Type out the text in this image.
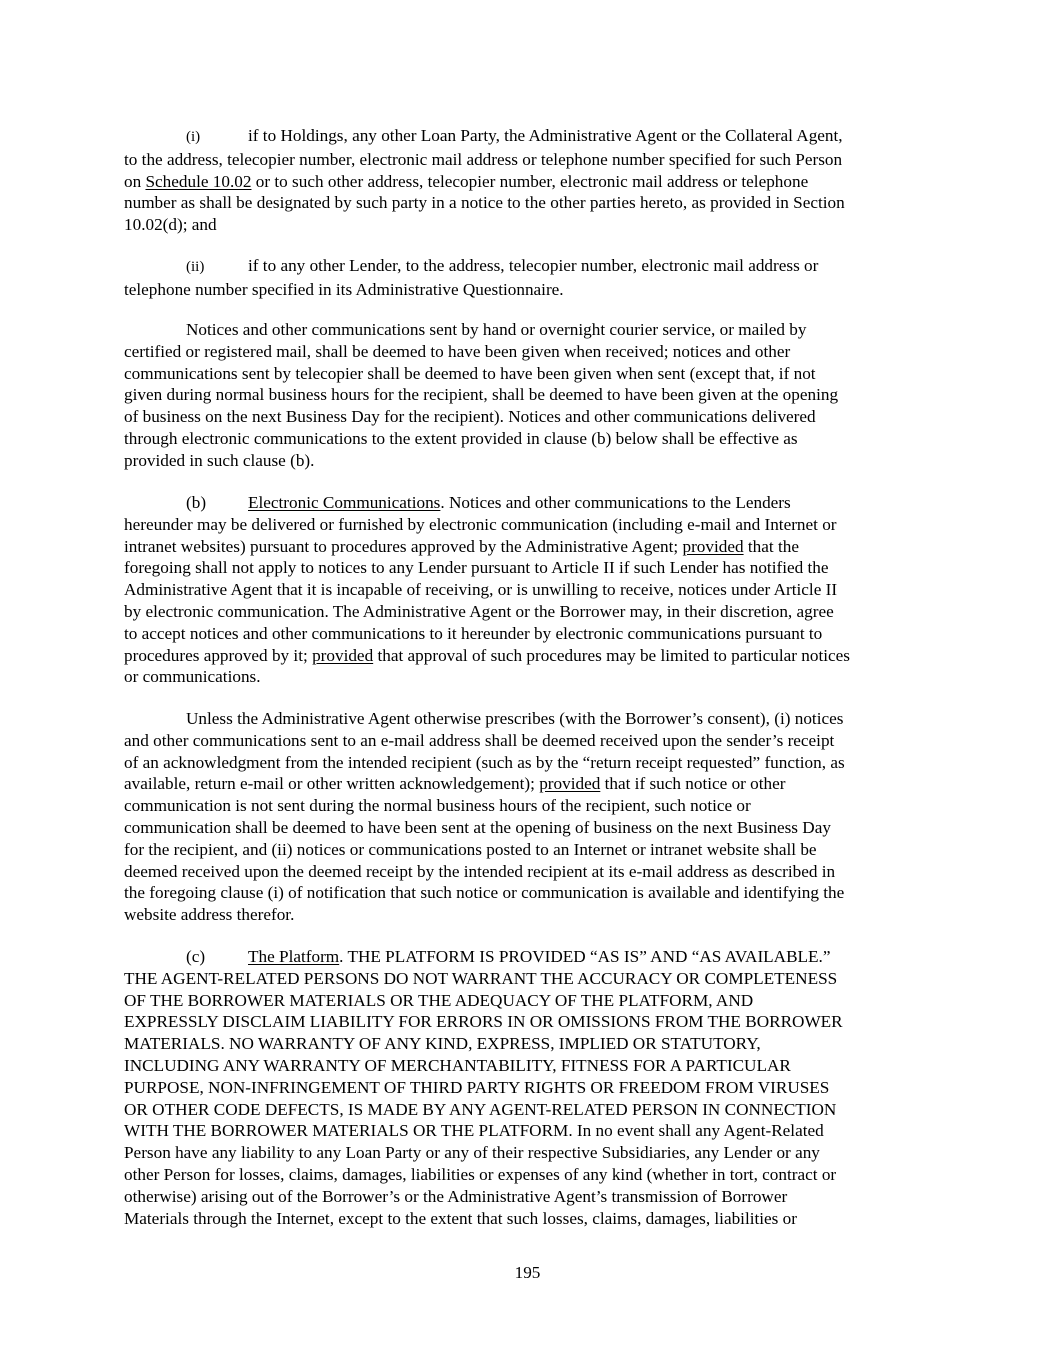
(i)	if to Holdings, any other Loan Party, the Administrative Agent or the Collateral Agent,
to the address, telecopier number, electronic mail address or telephone number specified for such Person
on Schedule 10.02 or to such other address, telecopier number, electronic mail address or telephone
number as shall be designated by such party in a notice to the other parties hereto, as provided in Section
10.02(d); and
(ii)	if to any other Lender, to the address, telecopier number, electronic mail address or
telephone number specified in its Administrative Questionnaire.
Notices and other communications sent by hand or overnight courier service, or mailed by
certified or registered mail, shall be deemed to have been given when received; notices and other
communications sent by telecopier shall be deemed to have been given when sent (except that, if not
given during normal business hours for the recipient, shall be deemed to have been given at the opening
of business on the next Business Day for the recipient). Notices and other communications delivered
through electronic communications to the extent provided in clause (b) below shall be effective as
provided in such clause (b).
(b) Electronic Communications. Notices and other communications to the Lenders
hereunder may be delivered or furnished by electronic communication (including e-mail and Internet or
intranet websites) pursuant to procedures approved by the Administrative Agent; provided that the
foregoing shall not apply to notices to any Lender pursuant to Article II if such Lender has notified the
Administrative Agent that it is incapable of receiving, or is unwilling to receive, notices under Article II
by electronic communication. The Administrative Agent or the Borrower may, in their discretion, agree
to accept notices and other communications to it hereunder by electronic communications pursuant to
procedures approved by it; provided that approval of such procedures may be limited to particular notices
or communications.
Unless the Administrative Agent otherwise prescribes (with the Borrower’s consent), (i) notices
and other communications sent to an e-mail address shall be deemed received upon the sender’s receipt
of an acknowledgment from the intended recipient (such as by the “return receipt requested” function, as
available, return e-mail or other written acknowledgement); provided that if such notice or other
communication is not sent during the normal business hours of the recipient, such notice or
communication shall be deemed to have been sent at the opening of business on the next Business Day
for the recipient, and (ii) notices or communications posted to an Internet or intranet website shall be
deemed received upon the deemed receipt by the intended recipient at its e-mail address as described in
the foregoing clause (i) of notification that such notice or communication is available and identifying the
website address therefor.
(c) The Platform. THE PLATFORM IS PROVIDED “AS IS” AND “AS AVAILABLE.”
THE AGENT-RELATED PERSONS DO NOT WARRANT THE ACCURACY OR COMPLETENESS
OF THE BORROWER MATERIALS OR THE ADEQUACY OF THE PLATFORM, AND
EXPRESSLY DISCLAIM LIABILITY FOR ERRORS IN OR OMISSIONS FROM THE BORROWER
MATERIALS. NO WARRANTY OF ANY KIND, EXPRESS, IMPLIED OR STATUTORY,
INCLUDING ANY WARRANTY OF MERCHANTABILITY, FITNESS FOR A PARTICULAR
PURPOSE, NON-INFRINGEMENT OF THIRD PARTY RIGHTS OR FREEDOM FROM VIRUSES
OR OTHER CODE DEFECTS, IS MADE BY ANY AGENT-RELATED PERSON IN CONNECTION
WITH THE BORROWER MATERIALS OR THE PLATFORM. In no event shall any Agent-Related
Person have any liability to any Loan Party or any of their respective Subsidiaries, any Lender or any
other Person for losses, claims, damages, liabilities or expenses of any kind (whether in tort, contract or
otherwise) arising out of the Borrower’s or the Administrative Agent’s transmission of Borrower
Materials through the Internet, except to the extent that such losses, claims, damages, liabilities or
195
